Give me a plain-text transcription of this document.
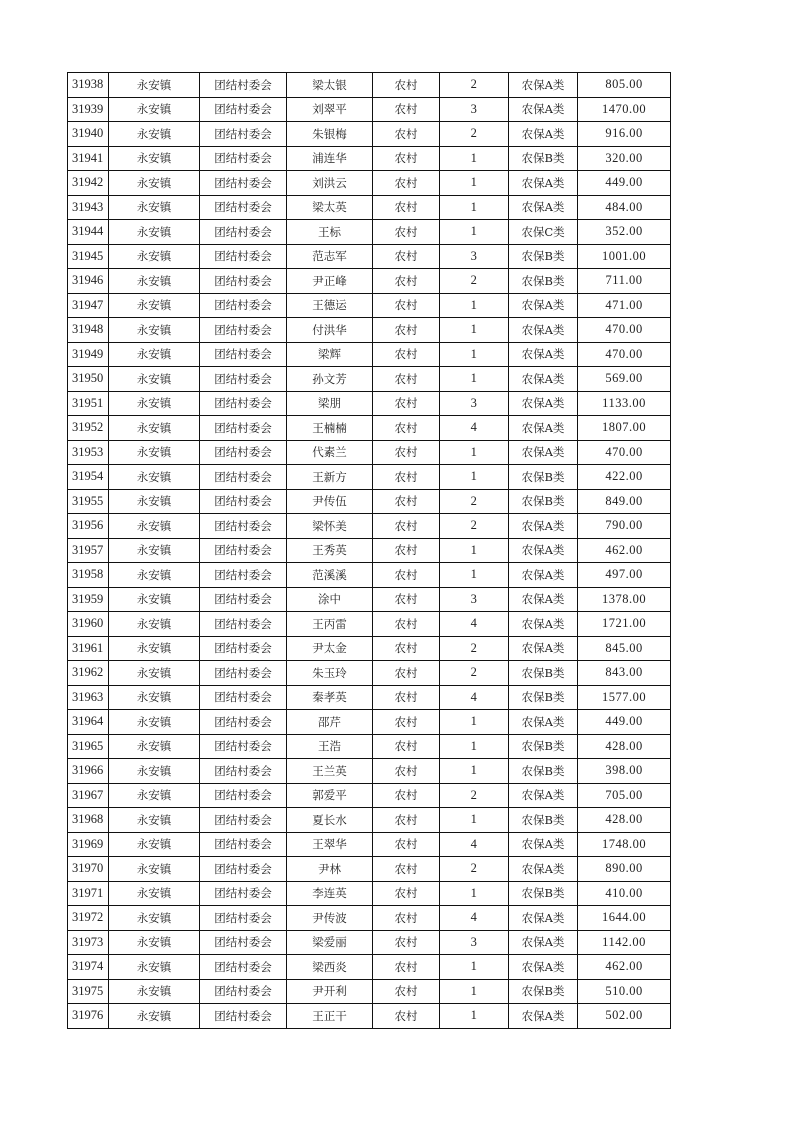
31938	永安镇	团结村委会	梁太银	农村	2	农保A类	805.00
31939	永安镇	团结村委会	刘翠平	农村	3	农保A类	1470.00
31940	永安镇	团结村委会	朱银梅	农村	2	农保A类	916.00
31941	永安镇	团结村委会	浦连华	农村	1	农保B类	320.00
31942	永安镇	团结村委会	刘洪云	农村	1	农保A类	449.00
31943	永安镇	团结村委会	梁太英	农村	1	农保A类	484.00
31944	永安镇	团结村委会	王标	农村	1	农保C类	352.00
31945	永安镇	团结村委会	范志军	农村	3	农保B类	1001.00
31946	永安镇	团结村委会	尹正峰	农村	2	农保B类	711.00
31947	永安镇	团结村委会	王德运	农村	1	农保A类	471.00
31948	永安镇	团结村委会	付洪华	农村	1	农保A类	470.00
31949	永安镇	团结村委会	梁辉	农村	1	农保A类	470.00
31950	永安镇	团结村委会	孙文芳	农村	1	农保A类	569.00
31951	永安镇	团结村委会	梁朋	农村	3	农保A类	1133.00
31952	永安镇	团结村委会	王楠楠	农村	4	农保A类	1807.00
31953	永安镇	团结村委会	代素兰	农村	1	农保A类	470.00
31954	永安镇	团结村委会	王新方	农村	1	农保B类	422.00
31955	永安镇	团结村委会	尹传伍	农村	2	农保B类	849.00
31956	永安镇	团结村委会	梁怀美	农村	2	农保A类	790.00
31957	永安镇	团结村委会	王秀英	农村	1	农保A类	462.00
31958	永安镇	团结村委会	范溪溪	农村	1	农保A类	497.00
31959	永安镇	团结村委会	涂中	农村	3	农保A类	1378.00
31960	永安镇	团结村委会	王丙雷	农村	4	农保A类	1721.00
31961	永安镇	团结村委会	尹太金	农村	2	农保A类	845.00
31962	永安镇	团结村委会	朱玉玲	农村	2	农保B类	843.00
31963	永安镇	团结村委会	秦孝英	农村	4	农保B类	1577.00
31964	永安镇	团结村委会	邵芹	农村	1	农保A类	449.00
31965	永安镇	团结村委会	王浩	农村	1	农保B类	428.00
31966	永安镇	团结村委会	王兰英	农村	1	农保B类	398.00
31967	永安镇	团结村委会	郭爱平	农村	2	农保A类	705.00
31968	永安镇	团结村委会	夏长水	农村	1	农保B类	428.00
31969	永安镇	团结村委会	王翠华	农村	4	农保A类	1748.00
31970	永安镇	团结村委会	尹林	农村	2	农保A类	890.00
31971	永安镇	团结村委会	李连英	农村	1	农保B类	410.00
31972	永安镇	团结村委会	尹传波	农村	4	农保A类	1644.00
31973	永安镇	团结村委会	梁爱丽	农村	3	农保A类	1142.00
31974	永安镇	团结村委会	梁西炎	农村	1	农保A类	462.00
31975	永安镇	团结村委会	尹开利	农村	1	农保B类	510.00
31976	永安镇	团结村委会	王正干	农村	1	农保A类	502.00
